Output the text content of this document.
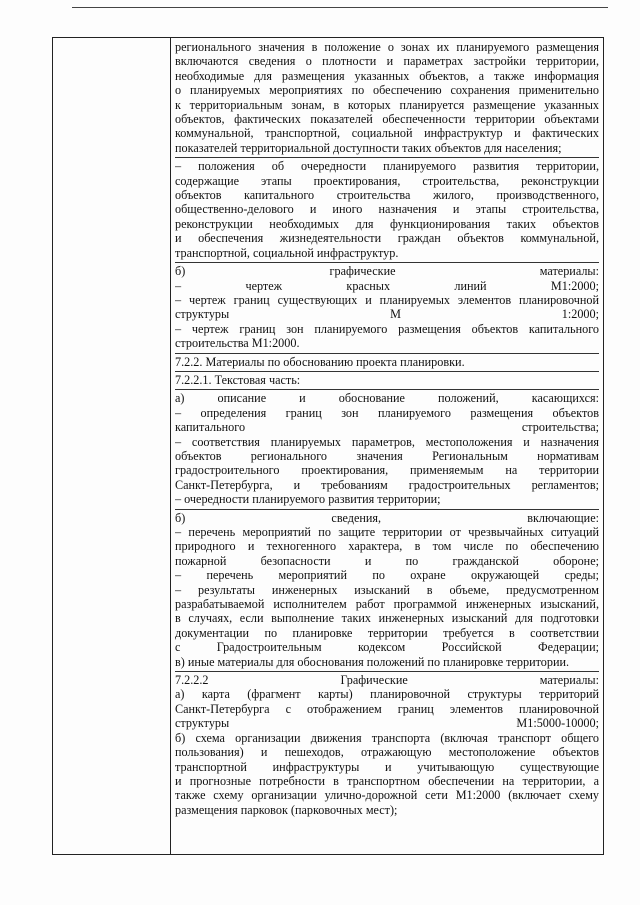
регионального значения в положение о зонах их планируемого размещения
включаются сведения о плотности и параметрах застройки территории,
необходимые для размещения указанных объектов, а также информация
о планируемых мероприятиях по обеспечению сохранения применительно
к территориальным зонам, в которых планируется размещение указанных
объектов, фактических показателей обеспеченности территории объектами
коммунальной, транспортной, социальной инфраструктур и фактических
показателей территориальной доступности таких объектов для населения;
– положения об очередности планируемого развития территории,
содержащие этапы проектирования, строительства, реконструкции
объектов капитального строительства жилого, производственного,
общественно-делового и иного назначения и этапы строительства,
реконструкции необходимых для функционирования таких объектов
и обеспечения жизнедеятельности граждан объектов коммунальной,
транспортной, социальной инфраструктур.
б) графические материалы:
– чертеж красных линий М1:2000;
– чертеж границ существующих и планируемых элементов планировочной
структуры М 1:2000;
– чертеж границ зон планируемого размещения объектов капитального
строительства М1:2000.
7.2.2. Материалы по обоснованию проекта планировки.
7.2.2.1. Текстовая часть:
а) описание и обоснование положений, касающихся:
– определения границ зон планируемого размещения объектов
капитального строительства;
– соответствия планируемых параметров, местоположения и назначения
объектов регионального значения Региональным нормативам
градостроительного проектирования, применяемым на территории
Санкт-Петербурга, и требованиям градостроительных регламентов;
– очередности планируемого развития территории;
б) сведения, включающие:
– перечень мероприятий по защите территории от чрезвычайных ситуаций
природного и техногенного характера, в том числе по обеспечению
пожарной безопасности и по гражданской обороне;
– перечень мероприятий по охране окружающей среды;
– результаты инженерных изысканий в объеме, предусмотренном
разрабатываемой исполнителем работ программой инженерных изысканий,
в случаях, если выполнение таких инженерных изысканий для подготовки
документации по планировке территории требуется в соответствии
с Градостроительным кодексом Российской Федерации;
в) иные материалы для обоснования положений по планировке территории.
7.2.2.2 Графические материалы:
а) карта (фрагмент карты) планировочной структуры территорий
Санкт-Петербурга с отображением границ элементов планировочной
структуры М1:5000-10000;
б) схема организации движения транспорта (включая транспорт общего
пользования) и пешеходов, отражающую местоположение объектов
транспортной инфраструктуры и учитывающую существующие
и прогнозные потребности в транспортном обеспечении на территории, а
также схему организации улично-дорожной сети М1:2000 (включает схему
размещения парковок (парковочных мест);
